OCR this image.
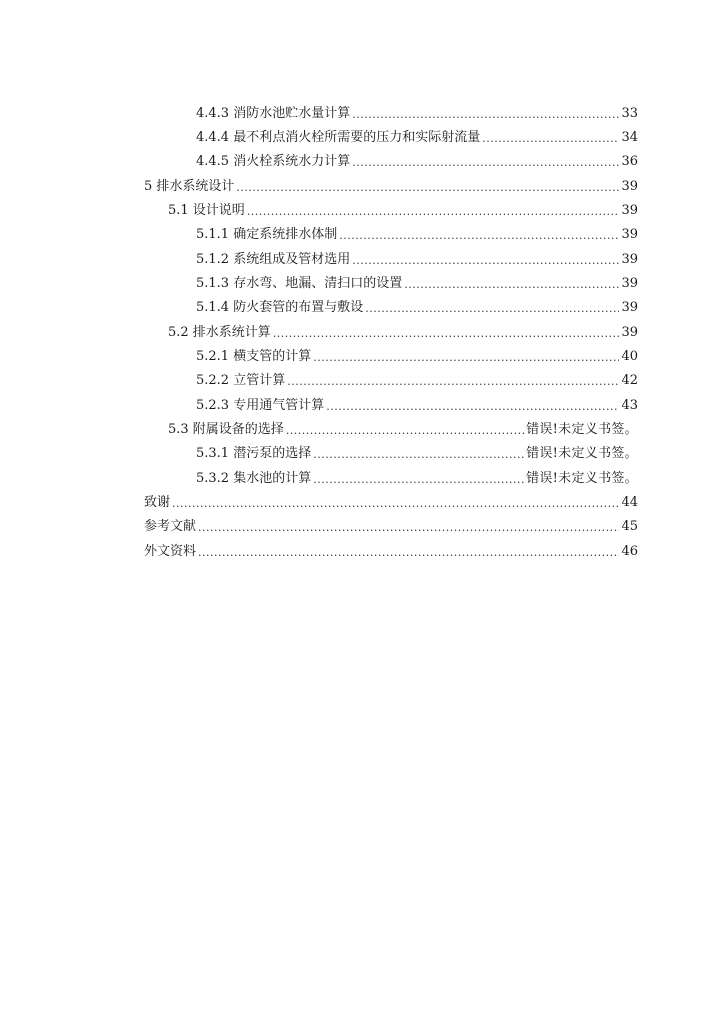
4.4.3 消防水池贮水量计算 .....	33
4.4.4 最不利点消火栓所需要的压力和实际射流量 .....	34
4.4.5 消火栓系统水力计算 .....	36
5 排水系统设计 .....	39
5.1 设计说明 .....	39
5.1.1 确定系统排水体制 .....	39
5.1.2 系统组成及管材选用 .....	39
5.1.3 存水弯、地漏、清扫口的设置 .....	39
5.1.4 防火套管的布置与敷设 .....	39
5.2 排水系统计算 .....	39
5.2.1 横支管的计算 .....	40
5.2.2 立管计算 .....	42
5.2.3 专用通气管计算 .....	43
5.3 附属设备的选择 .....	错误!未定义书签。
5.3.1 潜污泵的选择 .....	错误!未定义书签。
5.3.2 集水池的计算 .....	错误!未定义书签。
致谢 .....	44
参考文献 .....	45
外文资料 .....	46
